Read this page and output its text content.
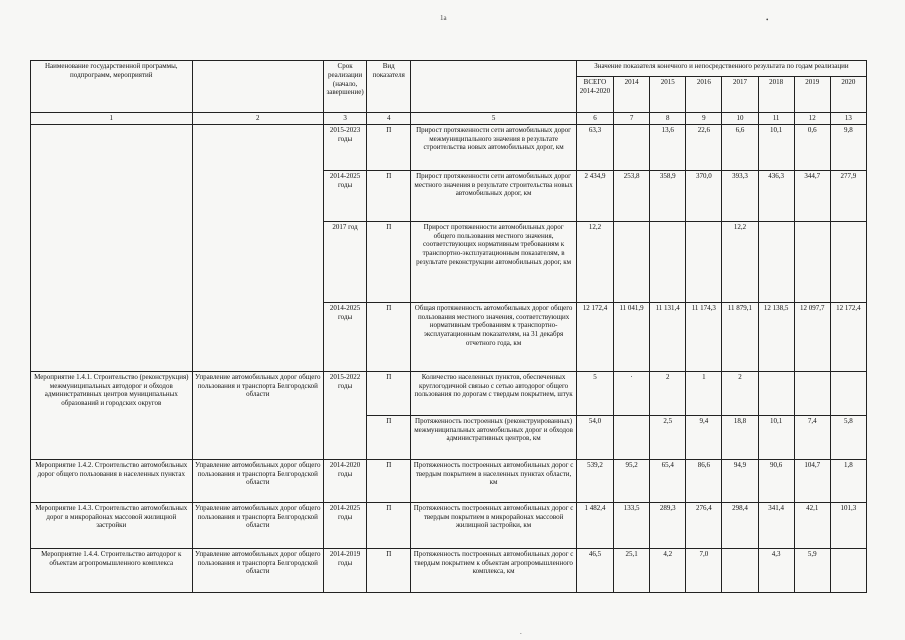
1a	•
.
Наименование государственной программы, подпрограмм, мероприятий		Срок реализации (начало, завершение)	Вид показателя		Значение показателя конечного и непосредственного результата по годам реализации							
					ВСЕГО 2014-2020	2014	2015	2016	2017	2018	2019	2020
1	2	3	4	5	6	7	8	9	10	11	12	13
		2015-2023 годы	П	Прирост протяженности сети автомобильных дорог межмуниципального значения в результате строительства новых автомобильных дорог, км	63,3		13,6	22,6	6,6	10,1	0,6	9,8
		2014-2025 годы	П	Прирост протяженности сети автомобильных дорог местного значения в результате строительства новых автомобильных дорог, км	2 434,9	253,8	358,9	370,0	393,3	436,3	344,7	277,9
		2017 год	П	Прирост протяженности автомобильных дорог общего пользования местного значения, соответствующих нормативным требованиям к транспортно-эксплуатационным показателям, в результате реконструкции автомобильных дорог, км	12,2				12,2			
		2014-2025 годы	П	Общая протяженность автомобильных дорог общего пользования местного значения, соответствующих нормативным требованиям к транспортно-эксплуатационным показателям, на 31 декабря отчетного года, км	12 172,4	11 041,9	11 131,4	11 174,3	11 879,1	12 138,5	12 097,7	12 172,4
Мероприятие 1.4.1. Строительство (реконструкция) межмуниципальных автодорог и обходов административных центров муниципальных образований и городских округов	Управление автомобильных дорог общего пользования и транспорта Белгородской области	2015-2022 годы	П	Количество населенных пунктов, обеспеченных круглогодичной связью с сетью автодорог общего пользования по дорогам с твердым покрытием, штук	5	·	2	1	2			
			П	Протяженность построенных (реконструированных) межмуниципальных автомобильных дорог и обходов административных центров, км	54,0		2,5	9,4	18,8	10,1	7,4	5,8
Мероприятие 1.4.2. Строительство автомобильных дорог общего пользования в населенных пунктах	Управление автомобильных дорог общего пользования и транспорта Белгородской области	2014-2020 годы	П	Протяженность построенных автомобильных дорог с твердым покрытием в населенных пунктах области, км	539,2	95,2	65,4	86,6	94,9	90,6	104,7	1,8
Мероприятие 1.4.3. Строительство автомобильных дорог в микрорайонах массовой жилищной застройки	Управление автомобильных дорог общего пользования и транспорта Белгородской области	2014-2025 годы	П	Протяженность построенных автомобильных дорог с твердым покрытием в микрорайонах массовой жилищной застройки, км	1 482,4	133,5	289,3	276,4	298,4	341,4	42,1	101,3
Мероприятие 1.4.4. Строительство автодорог к объектам агропромышленного комплекса	Управление автомобильных дорог общего пользования и транспорта Белгородской области	2014-2019 годы	П	Протяженность построенных автомобильных дорог с твердым покрытием к объектам агропромышленного комплекса, км	46,5	25,1	4,2	7,0		4,3	5,9	
